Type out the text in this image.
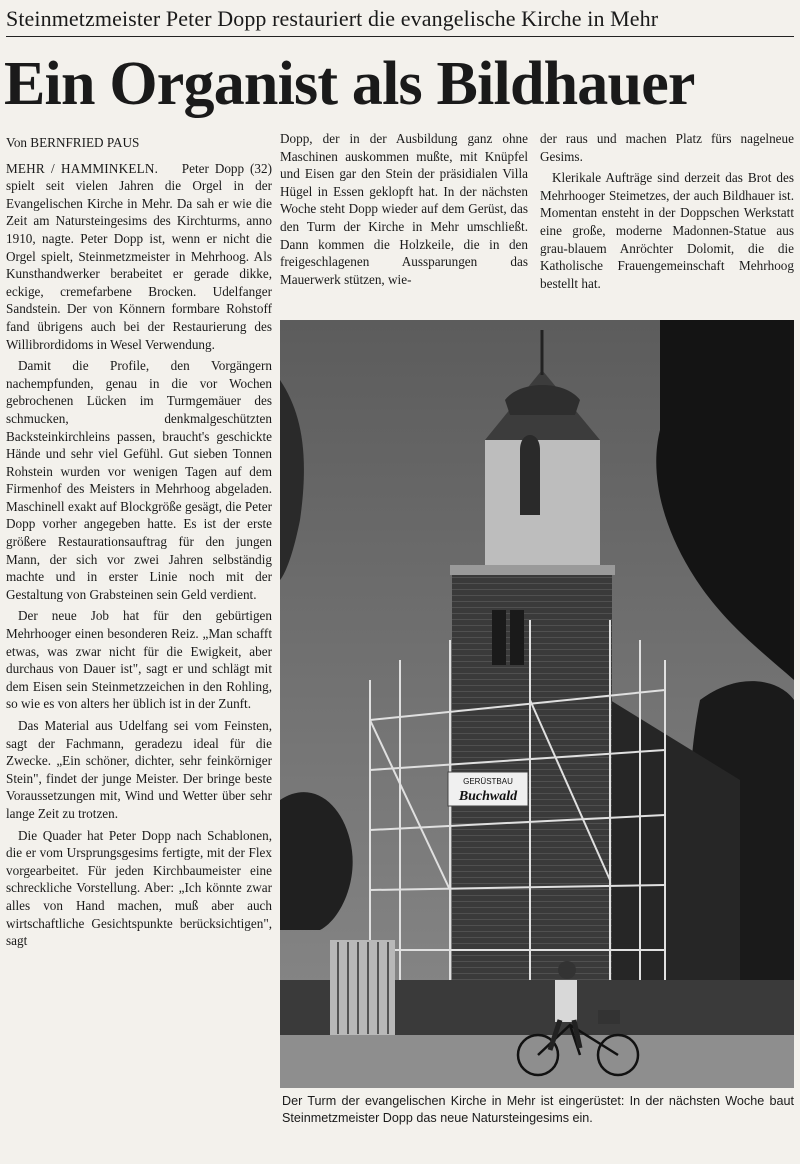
Steinmetzmeister Peter Dopp restauriert die evangelische Kirche in Mehr
Ein Organist als Bildhauer
Von BERNFRIED PAUS

MEHR / HAMMINKELN. Peter Dopp (32) spielt seit vielen Jahren die Orgel in der Evangelischen Kirche in Mehr. Da sah er wie die Zeit am Natursteingesims des Kirchturms, anno 1910, nagte. Peter Dopp ist, wenn er nicht die Orgel spielt, Steinmetzmeister in Mehrhoog. Als Kunsthandwerker berabeitet er gerade dikke, eckige, cremefarbene Brocken. Udelfanger Sandstein. Der von Könnern formbare Rohstoff fand übrigens auch bei der Restaurierung des Willibrordidoms in Wesel Verwendung.

Damit die Profile, den Vorgängern nachempfunden, genau in die vor Wochen gebrochenen Lücken im Turmgemäuer des schmucken, denkmalgeschützten Backsteinkirchleins passen, braucht's geschickte Hände und sehr viel Gefühl. Gut sieben Tonnen Rohstein wurden vor wenigen Tagen auf dem Firmenhof des Meisters in Mehrhoog abgeladen. Maschinell exakt auf Blockgröße gesägt, die Peter Dopp vorher angegeben hatte. Es ist der erste größere Restaurationsauftrag für den jungen Mann, der sich vor zwei Jahren selbständig machte und in erster Linie noch mit der Gestaltung von Grabsteinen sein Geld verdient.

Der neue Job hat für den gebürtigen Mehrhooger einen besonderen Reiz. „Man schafft etwas, was zwar nicht für die Ewigkeit, aber durchaus von Dauer ist", sagt er und schlägt mit dem Eisen sein Steinmetzzeichen in den Rohling, so wie es von alters her üblich ist in der Zunft.

Das Material aus Udelfang sei vom Feinsten, sagt der Fachmann, geradezu ideal für die Zwecke. „Ein schöner, dichter, sehr feinkörniger Stein", findet der junge Meister. Der bringe beste Voraussetzungen mit, Wind und Wetter über sehr lange Zeit zu trotzen.

Die Quader hat Peter Dopp nach Schablonen, die er vom Ursprungsgesims fertigte, mit der Flex vorgearbeitet. Für jeden Kirchbaumeister eine schreckliche Vorstellung. Aber: „Ich könnte zwar alles von Hand machen, muß aber auch wirtschaftliche Gesichtspunkte berücksichtigen", sagt

Dopp, der in der Ausbildung ganz ohne Maschinen auskommen mußte, mit Knüpfel und Eisen gar den Stein der präsidialen Villa Hügel in Essen geklopft hat. In der nächsten Woche steht Dopp wieder auf dem Gerüst, das den Turm der Kirche in Mehr umschließt. Dann kommen die Holzkeile, die in den freigeschlagenen Aussparungen das Mauerwerk stützen, wie-

der raus und machen Platz fürs nagelneue Gesims.

Klerikale Aufträge sind derzeit das Brot des Mehrhooger Steimetzes, der auch Bildhauer ist. Momentan ensteht in der Doppschen Werkstatt eine große, moderne Madonnen-Statue aus grau-blauem Anröchter Dolomit, die die Katholische Frauengemeinschaft Mehrhoog bestellt hat.

GERÜSTBAU
Buchwald
Der Turm der evangelischen Kirche in Mehr ist eingerüstet: In der nächsten Woche baut Steinmetzmeister Dopp das neue Natursteingesims ein.
